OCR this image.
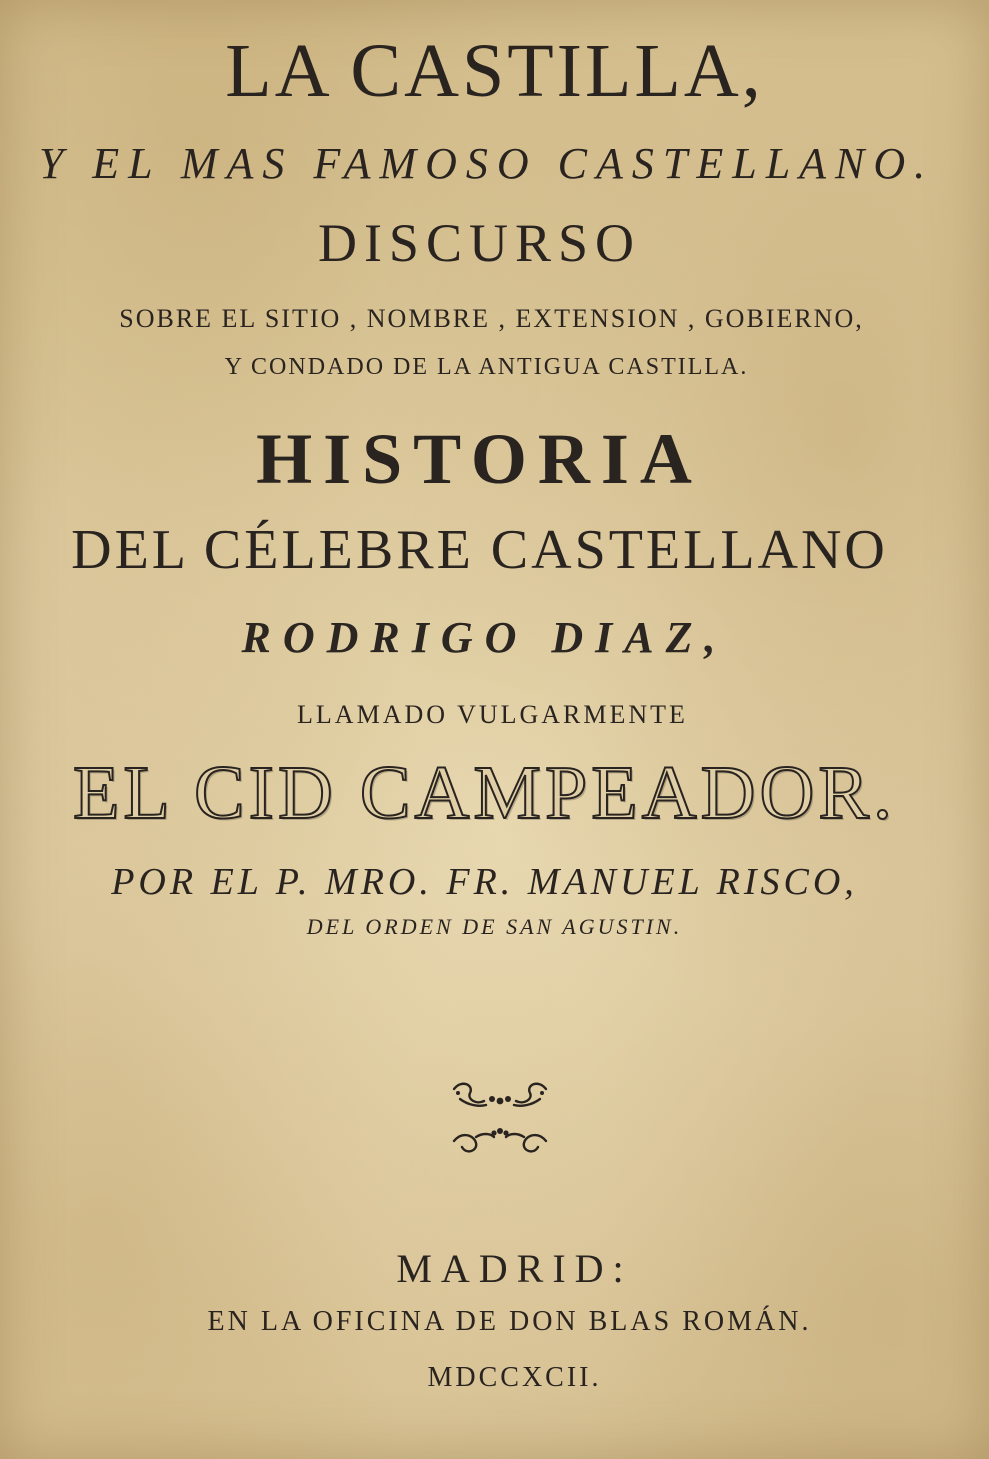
LA CASTILLA,
Y EL MAS FAMOSO CASTELLANO.
DISCURSO
SOBRE EL SITIO , NOMBRE , EXTENSION , GOBIERNO,
Y CONDADO DE LA ANTIGUA CASTILLA.
HISTORIA
DEL CÉLEBRE CASTELLANO
RODRIGO DIAZ,
LLAMADO VULGARMENTE
EL CID CAMPEADOR.
POR EL P. MRO. FR. MANUEL RISCO,
DEL ORDEN DE SAN AGUSTIN.
MADRID:
EN LA OFICINA DE DON BLAS ROMÁN.
MDCCXCII.
